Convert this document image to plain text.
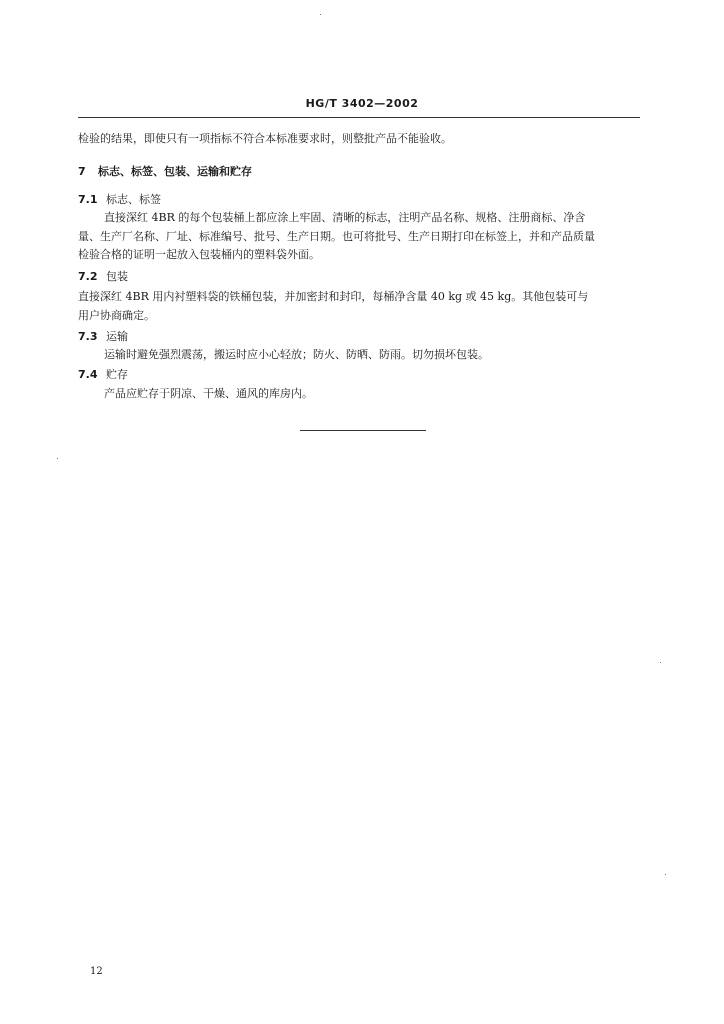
HG/T 3402—2002
检验的结果，即使只有一项指标不符合本标准要求时，则整批产品不能验收。
7 标志、标签、包装、运输和贮存
7.1 标志、标签
直接深红 4BR 的每个包装桶上都应涂上牢固、清晰的标志，注明产品名称、规格、注册商标、净含
量、生产厂名称、厂址、标准编号、批号、生产日期。也可将批号、生产日期打印在标签上，并和产品质量
检验合格的证明一起放入包装桶内的塑料袋外面。
7.2 包装
直接深红 4BR 用内衬塑料袋的铁桶包装，并加密封和封印，每桶净含量 40 kg 或 45 kg。其他包装可与
用户协商确定。
7.3 运输
运输时避免强烈震荡，搬运时应小心轻放；防火、防晒、防雨。切勿损坏包装。
7.4 贮存
产品应贮存于阴凉、干燥、通风的库房内。
12
